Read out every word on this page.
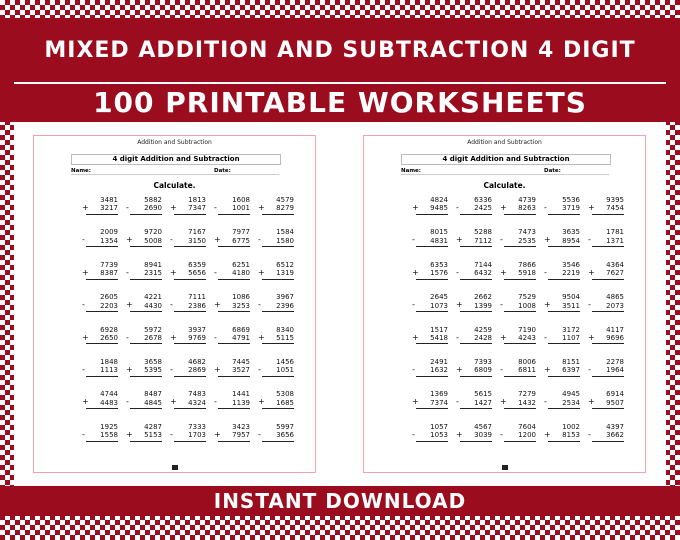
MIXED ADDITION AND SUBTRACTION 4 DIGIT
100 PRINTABLE WORKSHEETS
Addition and Subtraction
4 digit Addition and Subtraction
Name:	Date:
Calculate.
3481
+	3217
5882
-	2690
1813
+	7347
1608
-	1001
4579
+	8279
2009
-	1354
9720
+	5008
7167
-	3150
7977
+	6775
1584
-	1580
7739
+	8387
8941
-	2315
6359
+	5656
6251
-	4180
6512
+	1319
2605
-	2203
4221
+	4430
7111
-	2386
1086
+	3253
3967
-	2396
6928
+	2650
5972
-	2678
3937
+	9769
6869
-	4791
8340
+	5115
1848
-	1113
3658
+	5395
4682
-	2869
7445
+	3527
1456
-	1051
4744
+	4483
8487
-	4845
7483
+	4324
1441
-	1139
5308
+	1685
1925
-	1558
4287
+	5153
7333
-	1703
3423
+	7957
5997
-	3656
Addition and Subtraction
4 digit Addition and Subtraction
Name:	Date:
Calculate.
4824
+	9485
6336
-	2425
4739
+	8263
5536
-	3719
9395
+	7454
8015
-	4831
5288
+	7112
7473
-	2535
3635
+	8954
1781
-	1371
6353
+	1576
7144
-	6432
7866
+	5918
3546
-	2219
4364
+	7627
2645
-	1073
2662
+	1399
7529
-	1008
9504
+	3511
4865
-	2073
1517
+	5418
4259
-	2428
7190
+	4243
3172
-	1107
4117
+	9696
2491
-	1632
7393
+	6809
8006
-	6811
8151
+	6397
2278
-	1964
1369
+	7374
5615
-	1427
7279
+	1432
4945
-	2534
6914
+	9507
1057
-	1053
4567
+	3039
7604
-	1200
1002
+	8153
4397
-	3662
INSTANT DOWNLOAD
